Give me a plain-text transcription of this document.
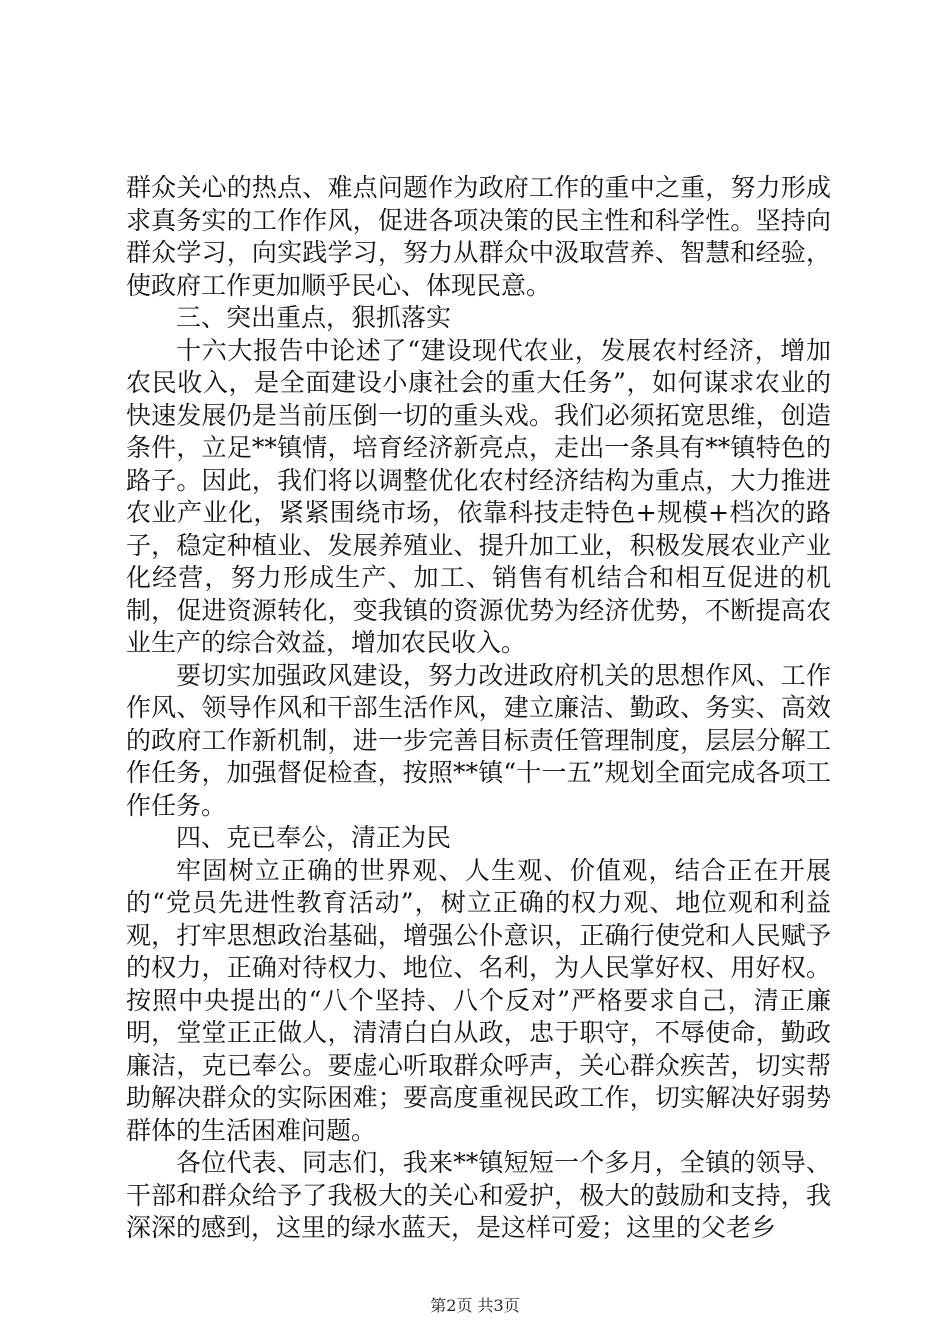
群众关心的热点、难点问题作为政府工作的重中之重，努力形成求真务实的工作作风，促进各项决策的民主性和科学性。坚持向群众学习，向实践学习，努力从群众中汲取营养、智慧和经验，使政府工作更加顺乎民心、体现民意。

三、突出重点，狠抓落实

十六大报告中论述了“建设现代农业，发展农村经济，增加农民收入，是全面建设小康社会的重大任务”，如何谋求农业的快速发展仍是当前压倒一切的重头戏。我们必须拓宽思维，创造条件，立足**镇情，培育经济新亮点，走出一条具有**镇特色的路子。因此，我们将以调整优化农村经济结构为重点，大力推进农业产业化，紧紧围绕市场，依靠科技走特色+规模+档次的路子，稳定种植业、发展养殖业、提升加工业，积极发展农业产业化经营，努力形成生产、加工、销售有机结合和相互促进的机制，促进资源转化，变我镇的资源优势为经济优势，不断提高农业生产的综合效益，增加农民收入。

要切实加强政风建设，努力改进政府机关的思想作风、工作作风、领导作风和干部生活作风，建立廉洁、勤政、务实、高效的政府工作新机制，进一步完善目标责任管理制度，层层分解工作任务，加强督促检查，按照**镇“十一五”规划全面完成各项工作任务。

四、克已奉公，清正为民

牢固树立正确的世界观、人生观、价值观，结合正在开展的“党员先进性教育活动”，树立正确的权力观、地位观和利益观，打牢思想政治基础，增强公仆意识，正确行使党和人民赋予的权力，正确对待权力、地位、名利，为人民掌好权、用好权。按照中央提出的“八个坚持、八个反对”严格要求自己，清正廉明，堂堂正正做人，清清白白从政，忠于职守，不辱使命，勤政廉洁，克已奉公。要虚心听取群众呼声，关心群众疾苦，切实帮助解决群众的实际困难；要高度重视民政工作，切实解决好弱势群体的生活困难问题。

各位代表、同志们，我来**镇短短一个多月，全镇的领导、干部和群众给予了我极大的关心和爱护，极大的鼓励和支持，我深深的感到，这里的绿水蓝天，是这样可爱；这里的父老乡

第2页 共3页
